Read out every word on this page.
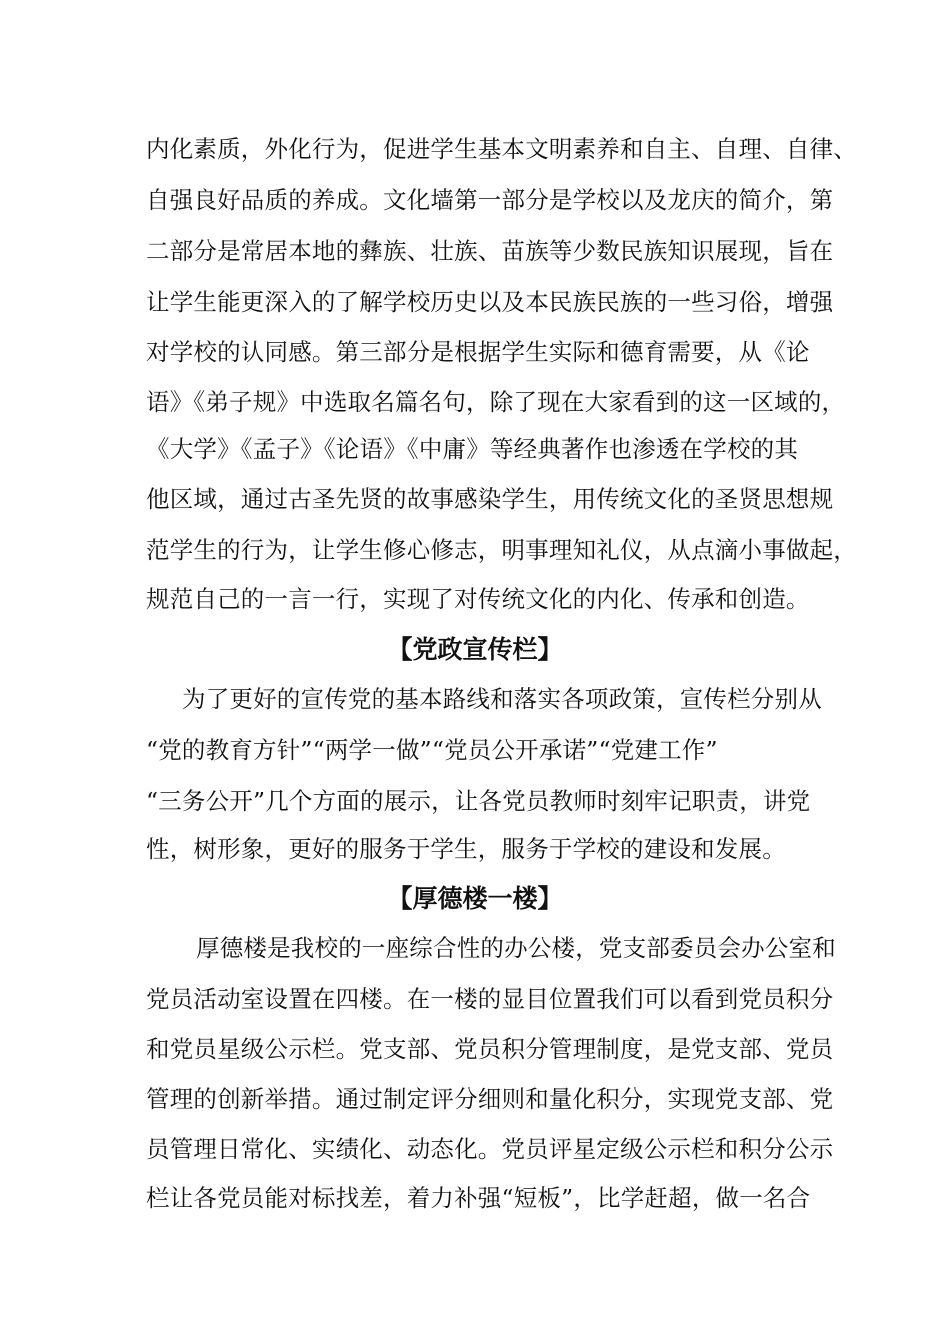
内化素质，外化行为，促进学生基本文明素养和自主、自理、自律、
自强良好品质的养成。文化墙第一部分是学校以及龙庆的简介，第
二部分是常居本地的彝族、壮族、苗族等少数民族知识展现，旨在
让学生能更深入的了解学校历史以及本民族民族的一些习俗，增强
对学校的认同感。第三部分是根据学生实际和德育需要，从《论
语》《弟子规》中选取名篇名句，除了现在大家看到的这一区域的，
《大学》《孟子》《论语》《中庸》等经典著作也渗透在学校的其
他区域，通过古圣先贤的故事感染学生，用传统文化的圣贤思想规
范学生的行为，让学生修心修志，明事理知礼仪，从点滴小事做起，
规范自己的一言一行，实现了对传统文化的内化、传承和创造。
【党政宣传栏】
为了更好的宣传党的基本路线和落实各项政策，宣传栏分别从
“党的教育方针”“两学一做”“党员公开承诺”“党建工作”
“三务公开”几个方面的展示，让各党员教师时刻牢记职责，讲党
性，树形象，更好的服务于学生，服务于学校的建设和发展。
【厚德楼一楼】
厚德楼是我校的一座综合性的办公楼，党支部委员会办公室和
党员活动室设置在四楼。在一楼的显目位置我们可以看到党员积分
和党员星级公示栏。党支部、党员积分管理制度，是党支部、党员
管理的创新举措。通过制定评分细则和量化积分，实现党支部、党
员管理日常化、实绩化、动态化。党员评星定级公示栏和积分公示
栏让各党员能对标找差，着力补强“短板”，比学赶超，做一名合
